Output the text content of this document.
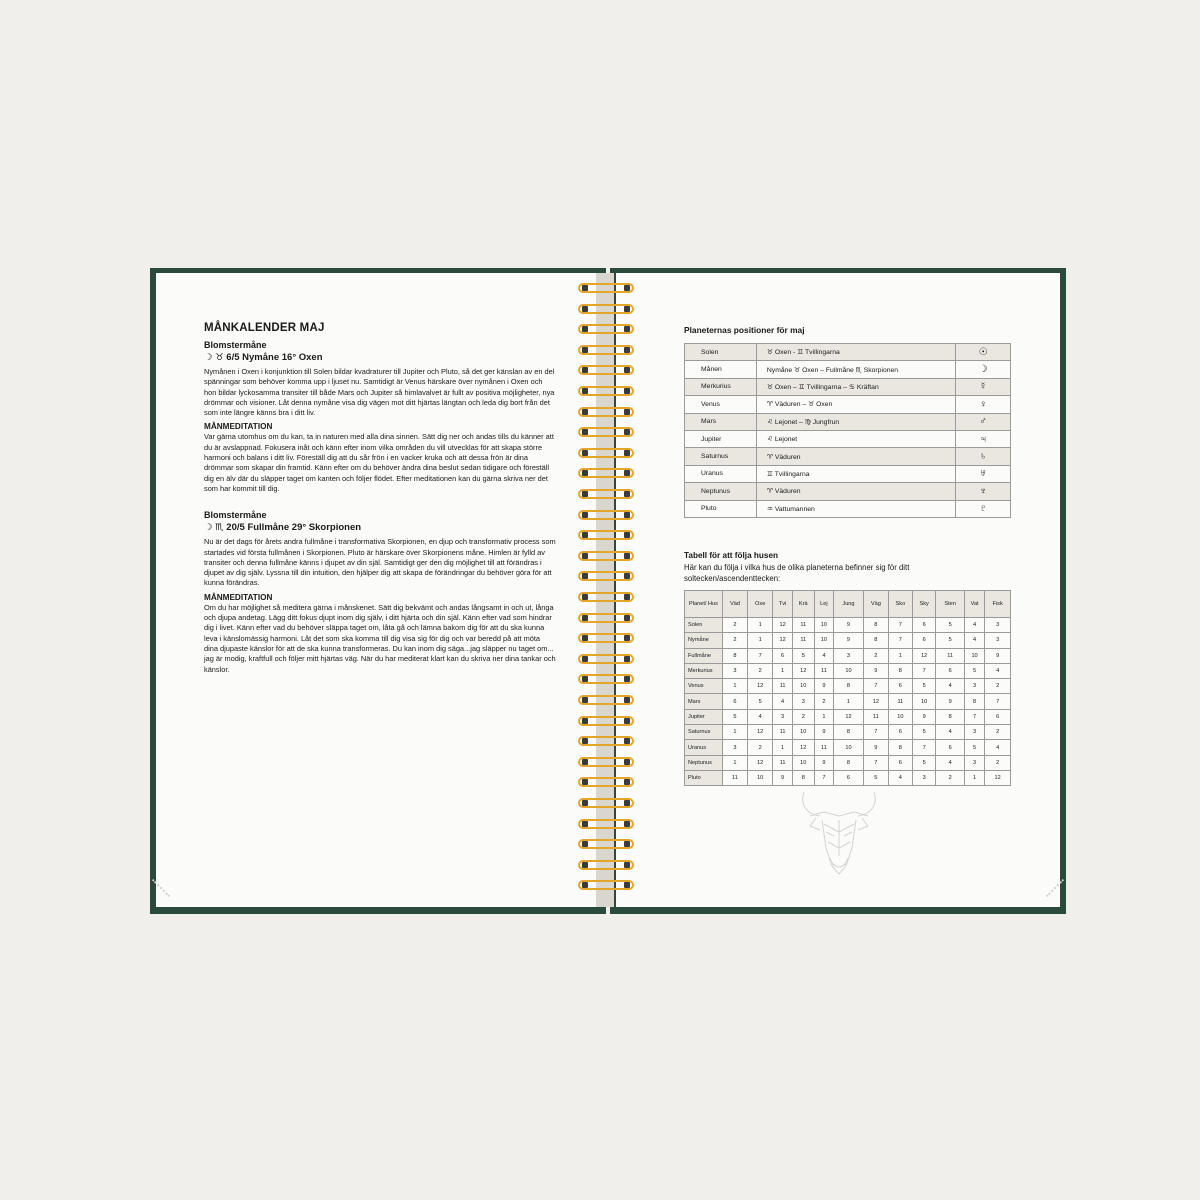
MÅNKALENDER MAJ
Blomstermåne
☽ ♉ 6/5 Nymåne 16° Oxen

Nymånen i Oxen i konjunktion till Solen bildar kvadraturer till Jupiter och Pluto, så det ger känslan av en del spänningar som behöver komma upp i ljuset nu. Samtidigt är Venus härskare över nymånen i Oxen och hon bildar lyckosamma transiter till både Mars och Jupiter så himlavalvet är fullt av positiva möjligheter, nya drömmar och visioner. Låt denna nymåne visa dig vägen mot ditt hjärtas längtan och leda dig bort från det som inte längre känns bra i ditt liv.

MÅNMEDITATION

Var gärna utomhus om du kan, ta in naturen med alla dina sinnen. Sätt dig ner och andas tills du känner att du är avslappnad. Fokusera inåt och känn efter inom vilka områden du vill utvecklas för att skapa större harmoni och balans i ditt liv. Föreställ dig att du sår frön i en vacker kruka och att dessa frön är dina drömmar som skapar din framtid. Känn efter om du behöver ändra dina beslut sedan tidigare och föreställ dig en älv där du släpper taget om kanten och följer flödet. Efter meditationen kan du gärna skriva ner det som har kommit till dig.

Blomstermåne
☽ ♏ 20/5 Fullmåne 29° Skorpionen

Nu är det dags för årets andra fullmåne i transformativa Skorpionen, en djup och transformativ process som startades vid första fullmånen i Skorpionen. Pluto är härskare över Skorpionens måne. Himlen är fylld av transiter och denna fullmåne känns i djupet av din själ. Samtidigt ger den dig möjlighet till att förändras i djupet av dig själv. Lyssna till din intuition, den hjälper dig att skapa de förändringar du behöver göra för att kunna förändras.

MÅNMEDITATION

Om du har möjlighet så meditera gärna i månskenet. Sätt dig bekvämt och andas långsamt in och ut, långa och djupa andetag. Lägg ditt fokus djupt inom dig själv, i ditt hjärta och din själ. Känn efter vad som hindrar dig i livet. Känn efter vad du behöver släppa taget om, låta gå och lämna bakom dig för att du ska kunna leva i känslomässig harmoni. Låt det som ska komma till dig visa sig för dig och var beredd på att möta dina djupaste känslor för att de ska kunna transformeras. Du kan inom dig säga...jag släpper nu taget om... jag är modig, kraftfull och följer mitt hjärtas väg. När du har mediterat klart kan du skriva ner dina tankar och känslor.

Planeternas positioner för maj
Solen	♉ Oxen - ♊ Tvillingarna	☉
Månen	Nymåne ♉ Oxen – Fullmåne ♏ Skorpionen	☽
Merkurius	♉ Oxen – ♊ Tvillingarna – ♋ Kräftan	☿
Venus	♈ Väduren – ♉ Oxen	♀
Mars	♌ Lejonet – ♍ Jungfrun	♂
Jupiter	♌ Lejonet	♃
Saturnus	♈ Väduren	♄
Uranus	♊ Tvillingarna	♅
Neptunus	♈ Väduren	♆
Pluto	♒ Vattumannen	♇
Tabell för att följa husen
Här kan du följa i vilka hus de olika planeterna befinner sig för ditt soltecken/ascendenttecken:
Planet/ Hus	Väd	Oxe	Tvi	Krä	Lej	Jung	Väg	Sko	Sky	Sten	Vat	Fisk
Solen	2	1	12	11	10	9	8	7	6	5	4	3
Nymåne	2	1	12	11	10	9	8	7	6	5	4	3
Fullmåne	8	7	6	5	4	3	2	1	12	11	10	9
Merkurius	3	2	1	12	11	10	9	8	7	6	5	4
Venus	1	12	11	10	9	8	7	6	5	4	3	2
Mars	6	5	4	3	2	1	12	11	10	9	8	7
Jupiter	5	4	3	2	1	12	11	10	9	8	7	6
Saturnus	1	12	11	10	9	8	7	6	5	4	3	2
Uranus	3	2	1	12	11	10	9	8	7	6	5	4
Neptunus	1	12	11	10	9	8	7	6	5	4	3	2
Pluto	11	10	9	8	7	6	5	4	3	2	1	12
